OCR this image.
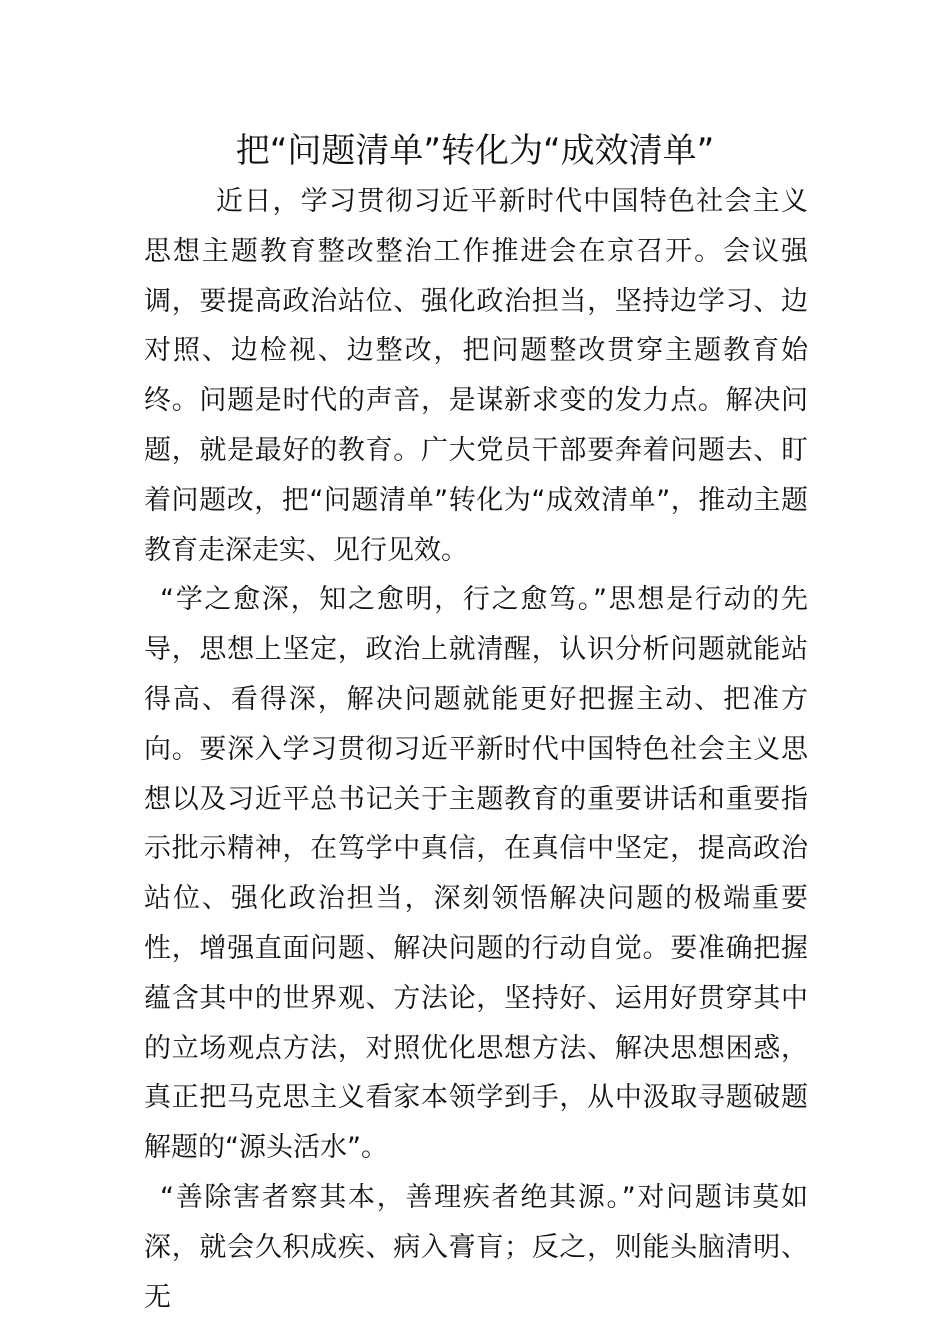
把“问题清单”转化为“成效清单”

近日，学习贯彻习近平新时代中国特色社会主义思想主题教育整改整治工作推进会在京召开。会议强调，要提高政治站位、强化政治担当，坚持边学习、边对照、边检视、边整改，把问题整改贯穿主题教育始终。问题是时代的声音，是谋新求变的发力点。解决问题，就是最好的教育。广大党员干部要奔着问题去、盯着问题改，把“问题清单”转化为“成效清单”，推动主题教育走深走实、见行见效。

“学之愈深，知之愈明，行之愈笃。”思想是行动的先导，思想上坚定，政治上就清醒，认识分析问题就能站得高、看得深，解决问题就能更好把握主动、把准方向。要深入学习贯彻习近平新时代中国特色社会主义思想以及习近平总书记关于主题教育的重要讲话和重要指示批示精神，在笃学中真信，在真信中坚定，提高政治站位、强化政治担当，深刻领悟解决问题的极端重要性，增强直面问题、解决问题的行动自觉。要准确把握蕴含其中的世界观、方法论，坚持好、运用好贯穿其中的立场观点方法，对照优化思想方法、解决思想困惑，真正把马克思主义看家本领学到手，从中汲取寻题破题解题的“源头活水”。

“善除害者察其本，善理疾者绝其源。”对问题讳莫如深，就会久积成疾、病入膏肓；反之，则能头脑清明、无
